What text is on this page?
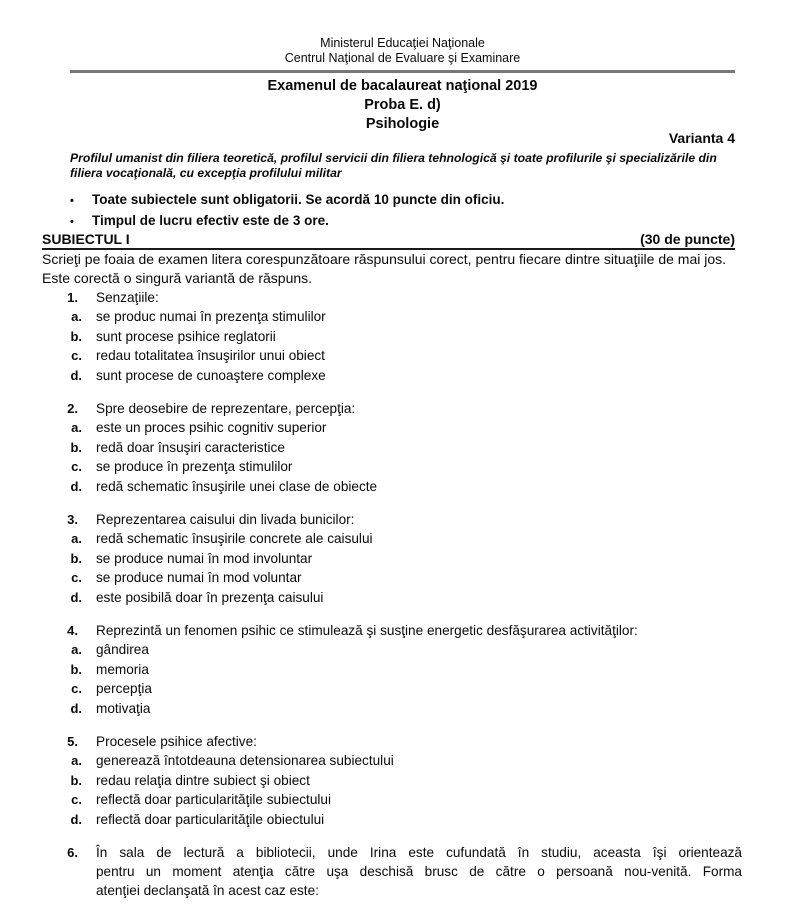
Ministerul Educaţiei Naţionale
Centrul Naţional de Evaluare şi Examinare
Examenul de bacalaureat naţional 2019
Proba E. d)
Psihologie
Varianta 4
Profilul umanist din filiera teoretică, profilul servicii din filiera tehnologică şi toate profilurile şi specializările din filiera vocaţională, cu excepţia profilului militar
•	Toate subiectele sunt obligatorii. Se acordă 10 puncte din oficiu.
•	Timpul de lucru efectiv este de 3 ore.
SUBIECTUL I	(30 de puncte)
Scrieţi pe foaia de examen litera corespunzătoare răspunsului corect, pentru fiecare dintre situaţiile de mai jos. Este corectă o singură variantă de răspuns.
1.	Senzaţiile:
a.	se produc numai în prezenţa stimulilor
b.	sunt procese psihice reglatorii
c.	redau totalitatea însuşirilor unui obiect
d.	sunt procese de cunoaştere complexe
2.	Spre deosebire de reprezentare, percepţia:
a.	este un proces psihic cognitiv superior
b.	redă doar însuşiri caracteristice
c.	se produce în prezenţa stimulilor
d.	redă schematic însuşirile unei clase de obiecte
3.	Reprezentarea caisului din livada bunicilor:
a.	redă schematic însuşirile concrete ale caisului
b.	se produce numai în mod involuntar
c.	se produce numai în mod voluntar
d.	este posibilă doar în prezenţa caisului
4.	Reprezintă un fenomen psihic ce stimulează şi susţine energetic desfăşurarea activităţilor:
a.	gândirea
b.	memoria
c.	percepţia
d.	motivaţia
5.	Procesele psihice afective:
a.	generează întotdeauna detensionarea subiectului
b.	redau relaţia dintre subiect şi obiect
c.	reflectă doar particularităţile subiectului
d.	reflectă doar particularităţile obiectului
6.	În sala de lectură a bibliotecii, unde Irina este cufundată în studiu, aceasta îşi orientează
pentru un moment atenţia către uşa deschisă brusc de către o persoană nou-venită. Forma
atenţiei declanşată în acest caz este:
